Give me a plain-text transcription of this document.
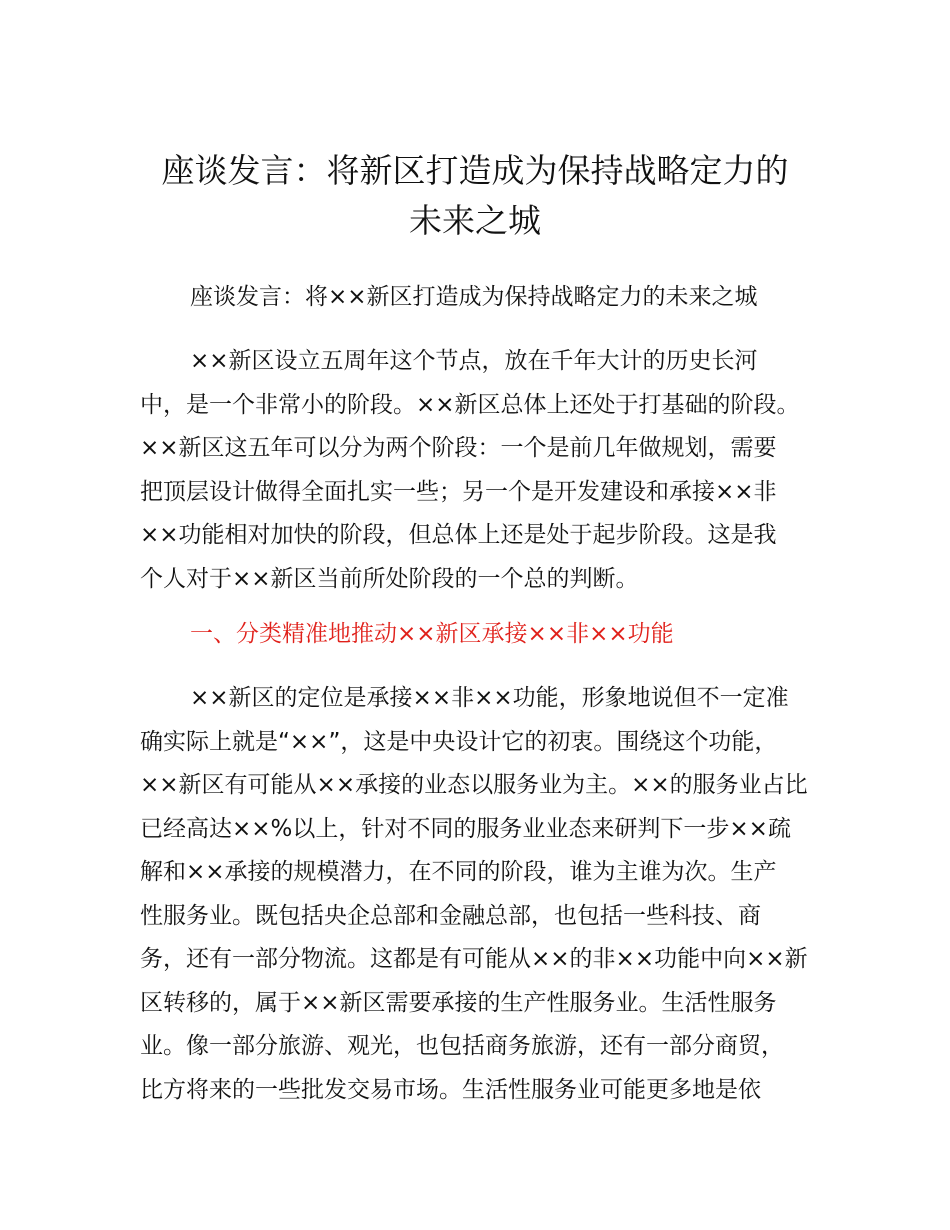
座谈发言：将新区打造成为保持战略定力的
未来之城

座谈发言：将××新区打造成为保持战略定力的未来之城

××新区设立五周年这个节点，放在千年大计的历史长河
中，是一个非常小的阶段。××新区总体上还处于打基础的阶段。
××新区这五年可以分为两个阶段：一个是前几年做规划，需要
把顶层设计做得全面扎实一些；另一个是开发建设和承接××非
××功能相对加快的阶段，但总体上还是处于起步阶段。这是我
个人对于××新区当前所处阶段的一个总的判断。
一、分类精准地推动××新区承接××非××功能
××新区的定位是承接××非××功能，形象地说但不一定准
确实际上就是“××”，这是中央设计它的初衷。围绕这个功能，
××新区有可能从××承接的业态以服务业为主。××的服务业占比
已经高达××%以上，针对不同的服务业业态来研判下一步××疏
解和××承接的规模潜力，在不同的阶段，谁为主谁为次。生产
性服务业。既包括央企总部和金融总部，也包括一些科技、商
务，还有一部分物流。这都是有可能从××的非××功能中向××新
区转移的，属于××新区需要承接的生产性服务业。生活性服务
业。像一部分旅游、观光，也包括商务旅游，还有一部分商贸，
比方将来的一些批发交易市场。生活性服务业可能更多地是依
